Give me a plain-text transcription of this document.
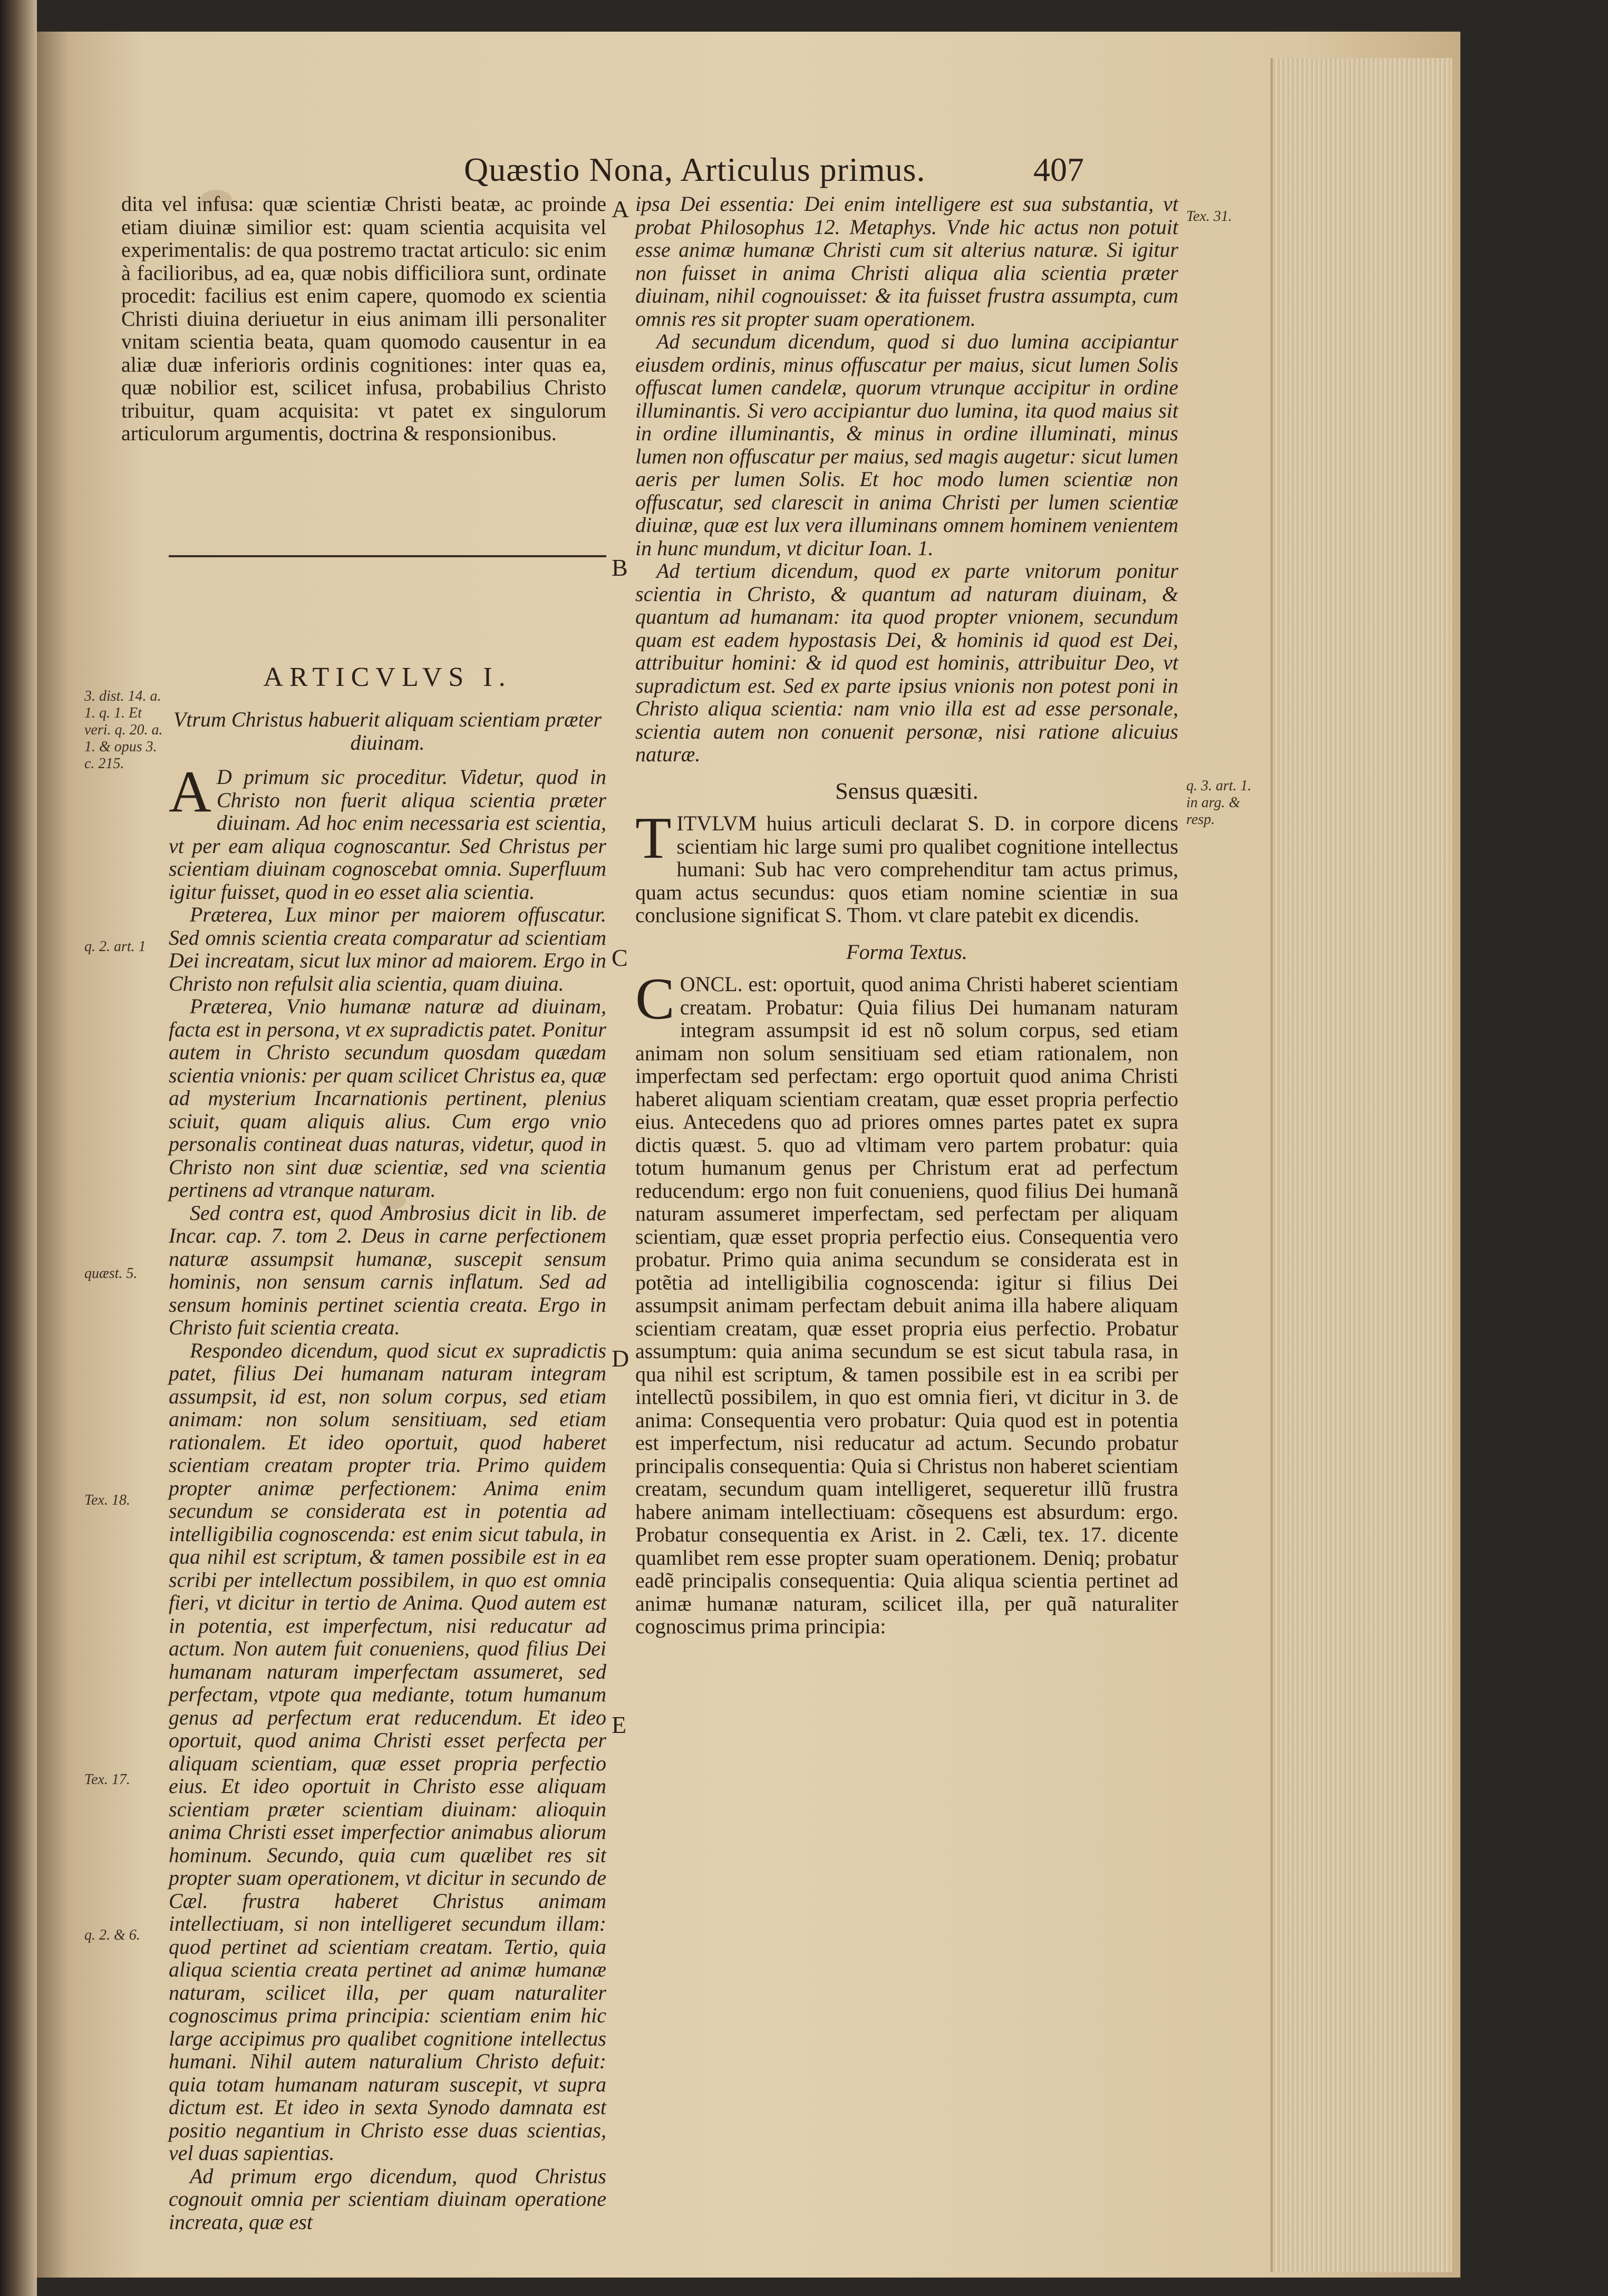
Quæstio Nona, Articulus primus.	407

dita vel infusa: quæ scientiæ Christi beatæ, ac proinde etiam diuinæ similior est: quam scientia acquisita vel experimentalis: de qua postremo tractat articulo: sic enim à facilioribus, ad ea, quæ nobis difficiliora sunt, ordinate procedit: facilius est enim capere, quomodo ex scientia Christi diuina deriuetur in eius animam illi personaliter vnitam scientia beata, quam quomodo causentur in ea aliæ duæ inferioris ordinis cognitiones: inter quas ea, quæ nobilior est, scilicet infusa, probabilius Christo tribuitur, quam acquisita: vt patet ex singulorum articulorum argumentis, doctrina & responsionibus.

ARTICVLVS I.

Vtrum Christus habuerit aliquam scientiam præter diuinam.

A D primum sic proceditur. Videtur, quod in Christo non fuerit aliqua scientia præter diuinam. Ad hoc enim necessaria est scientia, vt per eam aliqua cognoscantur. Sed Christus per scientiam diuinam cognoscebat omnia. Superfluum igitur fuisset, quod in eo esset alia scientia.

Præterea, Lux minor per maiorem offuscatur. Sed omnis scientia creata comparatur ad scientiam Dei increatam, sicut lux minor ad maiorem. Ergo in Christo non refulsit alia scientia, quam diuina.

Præterea, Vnio humanæ naturæ ad diuinam, facta est in persona, vt ex supradictis patet. Ponitur autem in Christo secundum quosdam quædam scientia vnionis: per quam scilicet Christus ea, quæ ad mysterium Incarnationis pertinent, plenius sciuit, quam aliquis alius. Cum ergo vnio personalis contineat duas naturas, videtur, quod in Christo non sint duæ scientiæ, sed vna scientia pertinens ad vtranque naturam.

Sed contra est, quod Ambrosius dicit in lib. de Incar. cap. 7. tom 2. Deus in carne perfectionem naturæ assumpsit humanæ, suscepit sensum hominis, non sensum carnis inflatum. Sed ad sensum hominis pertinet scientia creata. Ergo in Christo fuit scientia creata.

Respondeo dicendum, quod sicut ex supradictis patet, filius Dei humanam naturam integram assumpsit, id est, non solum corpus, sed etiam animam: non solum sensitiuam, sed etiam rationalem. Et ideo oportuit, quod haberet scientiam creatam propter tria. Primo quidem propter animæ perfectionem: Anima enim secundum se considerata est in potentia ad intelligibilia cognoscenda: est enim sicut tabula, in qua nihil est scriptum, & tamen possibile est in ea scribi per intellectum possibilem, in quo est omnia fieri, vt dicitur in tertio de Anima. Quod autem est in potentia, est imperfectum, nisi reducatur ad actum. Non autem fuit conueniens, quod filius Dei humanam naturam imperfectam assumeret, sed perfectam, vtpote qua mediante, totum humanum genus ad perfectum erat reducendum. Et ideo oportuit, quod anima Christi esset perfecta per aliquam scientiam, quæ esset propria perfectio eius. Et ideo oportuit in Christo esse aliquam scientiam præter scientiam diuinam: alioquin anima Christi esset imperfectior animabus aliorum hominum. Secundo, quia cum quælibet res sit propter suam operationem, vt dicitur in secundo de Cæl. frustra haberet Christus animam intellectiuam, si non intelligeret secundum illam: quod pertinet ad scientiam creatam. Tertio, quia aliqua scientia creata pertinet ad animæ humanæ naturam, scilicet illa, per quam naturaliter cognoscimus prima principia: scientiam enim hic large accipimus pro qualibet cognitione intellectus humani. Nihil autem naturalium Christo defuit: quia totam humanam naturam suscepit, vt supra dictum est. Et ideo in sexta Synodo damnata est positio negantium in Christo esse duas scientias, vel duas sapientias.

Ad primum ergo dicendum, quod Christus cognouit omnia per scientiam diuinam operatione increata, quæ est

ipsa Dei essentia: Dei enim intelligere est sua substantia, vt probat Philosophus 12. Metaphys. Vnde hic actus non potuit esse animæ humanæ Christi cum sit alterius naturæ. Si igitur non fuisset in anima Christi aliqua alia scientia præter diuinam, nihil cognouisset: & ita fuisset frustra assumpta, cum omnis res sit propter suam operationem.

Ad secundum dicendum, quod si duo lumina accipiantur eiusdem ordinis, minus offuscatur per maius, sicut lumen Solis offuscat lumen candelæ, quorum vtrunque accipitur in ordine illuminantis. Si vero accipiantur duo lumina, ita quod maius sit in ordine illuminantis, & minus in ordine illuminati, minus lumen non offuscatur per maius, sed magis augetur: sicut lumen aeris per lumen Solis. Et hoc modo lumen scientiæ non offuscatur, sed clarescit in anima Christi per lumen scientiæ diuinæ, quæ est lux vera illuminans omnem hominem venientem in hunc mundum, vt dicitur Ioan. 1.

Ad tertium dicendum, quod ex parte vnitorum ponitur scientia in Christo, & quantum ad naturam diuinam, & quantum ad humanam: ita quod propter vnionem, secundum quam est eadem hypostasis Dei, & hominis id quod est Dei, attribuitur homini: & id quod est hominis, attribuitur Deo, vt supradictum est. Sed ex parte ipsius vnionis non potest poni in Christo aliqua scientia: nam vnio illa est ad esse personale, scientia autem non conuenit personæ, nisi ratione alicuius naturæ.

Sensus quæsiti.

TITVLVM huius articuli declarat S. D. in corpore dicens scientiam hic large sumi pro qualibet cognitione intellectus humani: Sub hac vero comprehenditur tam actus primus, quam actus secundus: quos etiam nomine scientiæ in sua conclusione significat S. Thom. vt clare patebit ex dicendis.

Forma Textus.

CONCL. est: oportuit, quod anima Christi haberet scientiam creatam. Probatur: Quia filius Dei humanam naturam integram assumpsit id est nõ solum corpus, sed etiam animam non solum sensitiuam sed etiam rationalem, non imperfectam sed perfectam: ergo oportuit quod anima Christi haberet aliquam scientiam creatam, quæ esset propria perfectio eius. Antecedens quo ad priores omnes partes patet ex supra dictis quæst. 5. quo ad vltimam vero partem probatur: quia totum humanum genus per Christum erat ad perfectum reducendum: ergo non fuit conueniens, quod filius Dei humanã naturam assumeret imperfectam, sed perfectam per aliquam scientiam, quæ esset propria perfectio eius. Consequentia vero probatur. Primo quia anima secundum se considerata est in potẽtia ad intelligibilia cognoscenda: igitur si filius Dei assumpsit animam perfectam debuit anima illa habere aliquam scientiam creatam, quæ esset propria eius perfectio. Probatur assumptum: quia anima secundum se est sicut tabula rasa, in qua nihil est scriptum, & tamen possibile est in ea scribi per intellectũ possibilem, in quo est omnia fieri, vt dicitur in 3. de anima: Consequentia vero probatur: Quia quod est in potentia est imperfectum, nisi reducatur ad actum. Secundo probatur principalis consequentia: Quia si Christus non haberet scientiam creatam, secundum quam intelligeret, sequeretur illũ frustra habere animam intellectiuam: cõsequens est absurdum: ergo. Probatur consequentia ex Arist. in 2. Cæli, tex. 17. dicente quamlibet rem esse propter suam operationem. Deniq; probatur eadẽ principalis consequentia: Quia aliqua scientia pertinet ad animæ humanæ naturam, scilicet illa, per quã naturaliter cognoscimus prima principia:

3. dist. 14. a. 1. q. 1. Et veri. q. 20. a. 1. & opus 3. c. 215.
q. 2. art. 1
quæst. 5.
Tex. 18.
Tex. 17.
q. 2. & 6.
Tex. 31.
q. 3. art. 1. in arg. & resp.
A
B
C
D
E
